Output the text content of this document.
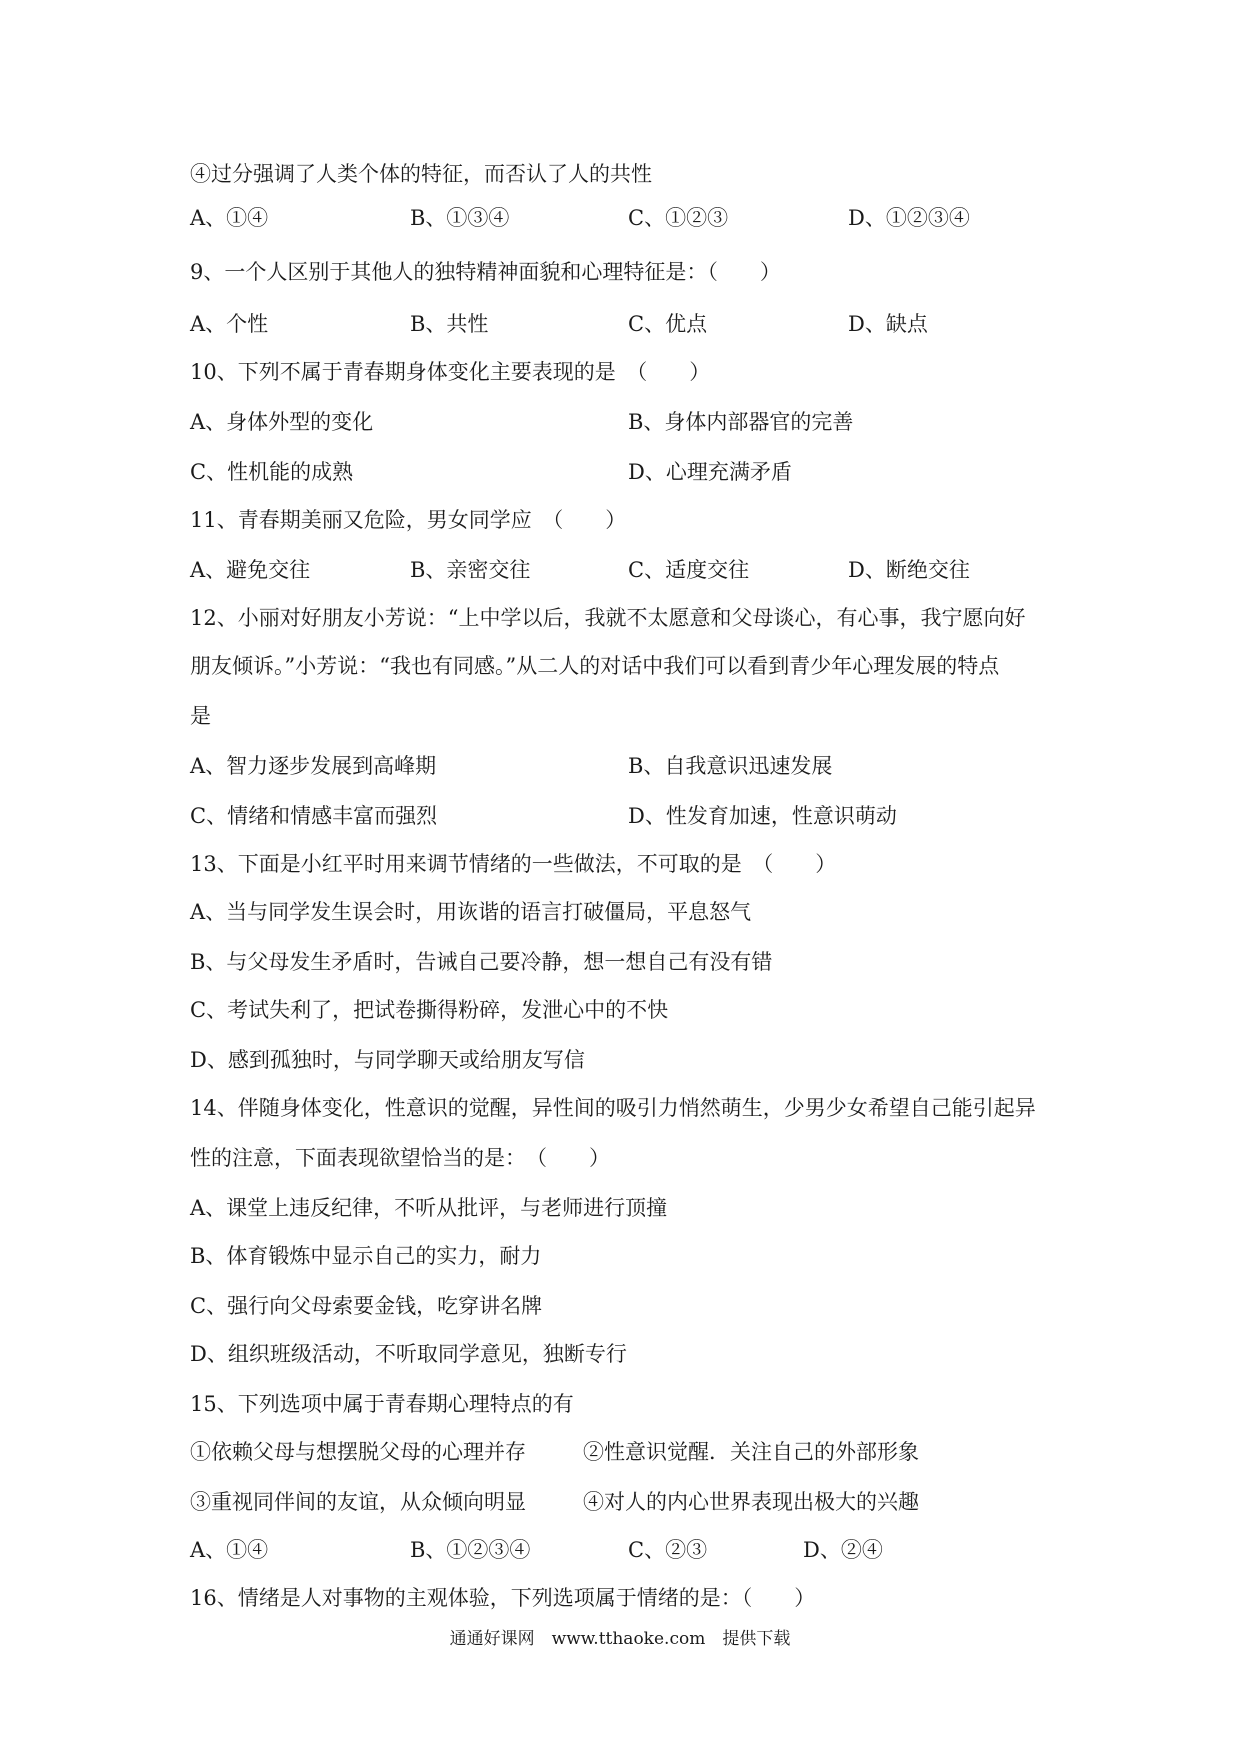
④过分强调了人类个体的特征，而否认了人的共性
A、①④	B、①③④	C、①②③	D、①②③④
9、一个人区别于其他人的独特精神面貌和心理特征是：（　　）
A、个性	B、共性	C、优点	D、缺点
10、下列不属于青春期身体变化主要表现的是　（　　）
A、身体外型的变化	B、身体内部器官的完善
C、性机能的成熟	D、心理充满矛盾
11、青春期美丽又危险，男女同学应　（　　）
A、避免交往	B、亲密交往	C、适度交往	D、断绝交往
12、小丽对好朋友小芳说：“上中学以后，我就不太愿意和父母谈心，有心事，我宁愿向好
朋友倾诉。”小芳说：“我也有同感。”从二人的对话中我们可以看到青少年心理发展的特点
是
A、智力逐步发展到高峰期	B、自我意识迅速发展
C、情绪和情感丰富而强烈	D、性发育加速，性意识萌动
13、下面是小红平时用来调节情绪的一些做法，不可取的是　（　　）
A、当与同学发生误会时，用诙谐的语言打破僵局，平息怒气
B、与父母发生矛盾时，告诫自己要冷静，想一想自己有没有错
C、考试失利了，把试卷撕得粉碎，发泄心中的不快
D、感到孤独时，与同学聊天或给朋友写信
14、伴随身体变化，性意识的觉醒，异性间的吸引力悄然萌生，少男少女希望自己能引起异
性的注意，下面表现欲望恰当的是：　（　　）
A、课堂上违反纪律，不听从批评，与老师进行顶撞
B、体育锻炼中显示自己的实力，耐力
C、强行向父母索要金钱，吃穿讲名牌
D、组织班级活动，不听取同学意见，独断专行
15、下列选项中属于青春期心理特点的有
①依赖父母与想摆脱父母的心理并存	②性意识觉醒．关注自己的外部形象
③重视同伴间的友谊，从众倾向明显	④对人的内心世界表现出极大的兴趣
A、①④	B、①②③④	C、②③	D、②④
16、情绪是人对事物的主观体验，下列选项属于情绪的是：（　　）
通通好课网　www.tthaoke.com　提供下载
